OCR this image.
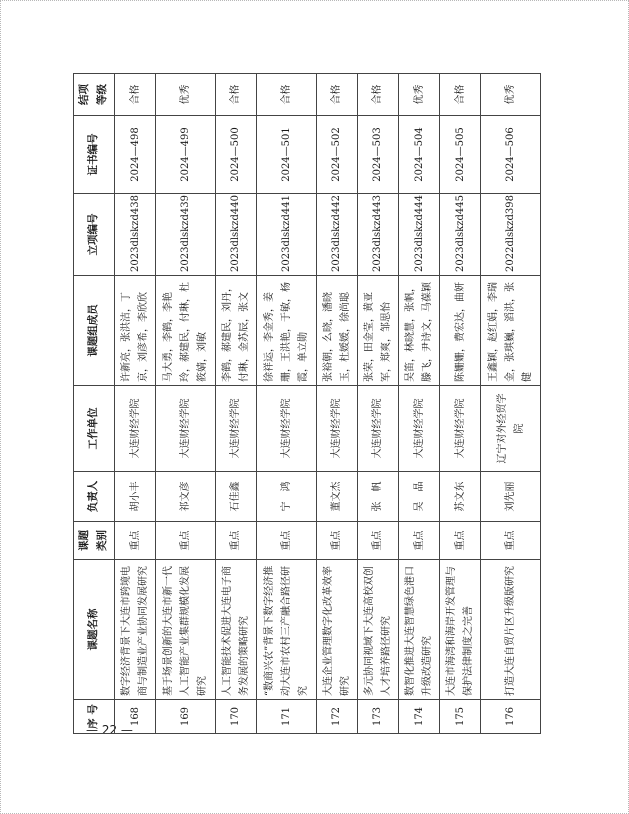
— 22 —
序 号	课题名称	课题 类别	负责人	工作单位	课题组成员	立项编号	证书编号	结项 等级
168	数字经济背景下大连市跨境电商与制造业产业协同发展研究	重点	胡小丰	大连财经学院	许新亮，张洪洁，丁京，刘彦希，李欣欣	2023dlskzd438	2024—498	合格
169	基于场景创新的大连市新一代人工智能产业集群规模化发展研究	重点	祁文彦	大连财经学院	马大勇，李鹤，李艳玲，郝建民，付琳，杜筱婧，刘敏	2023dlskzd439	2024—499	优秀
170	人工智能技术促进大连电子商务发展的策略研究	重点	石佳鑫	大连财经学院	李鹤，郝建民，刘丹，付琳，金苏辰，张文	2023dlskzd440	2024—500	合格
171	“数商兴农”背景下数字经济推动大连市农村三产融合路径研究	重点	宁　鸿	大连财经学院	徐祥运，李金秀，姜珊，王洪艳，于敏，杨霞，单立勋	2023dlskzd441	2024—501	合格
172	大连企业管理数字化改革效率研究	重点	董文杰	大连财经学院	张裕朝，么晓，潘晓玉，杜媛媛，徐尚聪	2023dlskzd442	2024—502	合格
173	多元协同视域下大连高校双创人才培养路径研究	重点	张　帆	大连财经学院	张荣，田金莹，黄亚军，郑爽，邹思怡	2023dlskzd443	2024—503	合格
174	数智化推进大连智慧绿色港口升级改造研究	重点	吴　晶	大连财经学院	吴笛，林晓慧，张帆，滕飞，尹诗文，马葆颖	2023dlskzd444	2024—504	优秀
175	大连市海湾和海岸开发管理与保护法律制度之完善	重点	苏文东	大连财经学院	陈姗姗，费宏达，曲妍	2023dlskzd445	2024—505	合格
176	打造大连自贸片区升级版研究	重点	刘先丽	辽宁对外经贸学院	王鑫颖，赵红娟，李瑞金，张琪巍，滔洪，张健	2022dlskzd398	2024—506	优秀
